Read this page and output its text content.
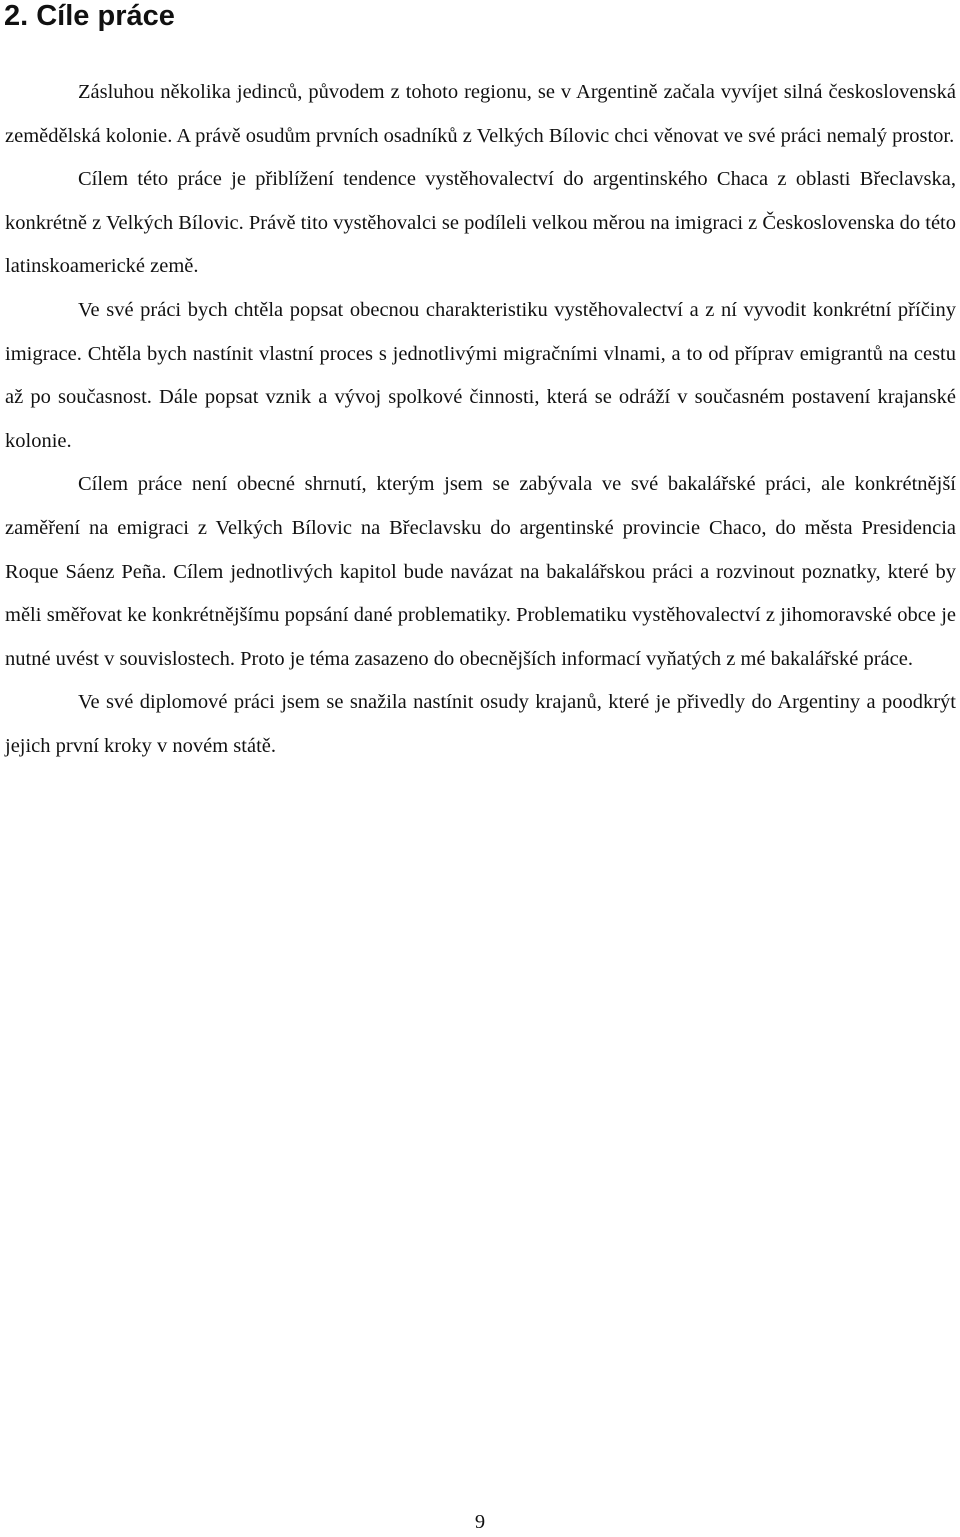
2. Cíle práce

Zásluhou několika jedinců, původem z tohoto regionu, se v Argentině začala vyvíjet silná československá zemědělská kolonie. A právě osudům prvních osadníků z Velkých Bílovic chci věnovat ve své práci nemalý prostor.

Cílem této práce je přiblížení tendence vystěhovalectví do argentinského Chaca z oblasti Břeclavska, konkrétně z Velkých Bílovic. Právě tito vystěhovalci se podíleli velkou měrou na imigraci z Československa do této latinskoamerické země.

Ve své práci bych chtěla popsat obecnou charakteristiku vystěhovalectví a z ní vyvodit konkrétní příčiny imigrace. Chtěla bych nastínit vlastní proces s jednotlivými migračními vlnami, a to od příprav emigrantů na cestu až po současnost. Dále popsat vznik a vývoj spolkové činnosti, která se odráží v současném postavení krajanské kolonie.

Cílem práce není obecné shrnutí, kterým jsem se zabývala ve své bakalářské práci, ale konkrétnější zaměření na emigraci z Velkých Bílovic na Břeclavsku do argentinské provincie Chaco, do města Presidencia Roque Sáenz Peña. Cílem jednotlivých kapitol bude navázat na bakalářskou práci a rozvinout poznatky, které by měli směřovat ke konkrétnějšímu popsání dané problematiky. Problematiku vystěhovalectví z jihomoravské obce je nutné uvést v souvislostech. Proto je téma zasazeno do obecnějších informací vyňatých z mé bakalářské práce.

Ve své diplomové práci jsem se snažila nastínit osudy krajanů, které je přivedly do Argentiny a poodkrýt jejich první kroky v novém státě.

9
